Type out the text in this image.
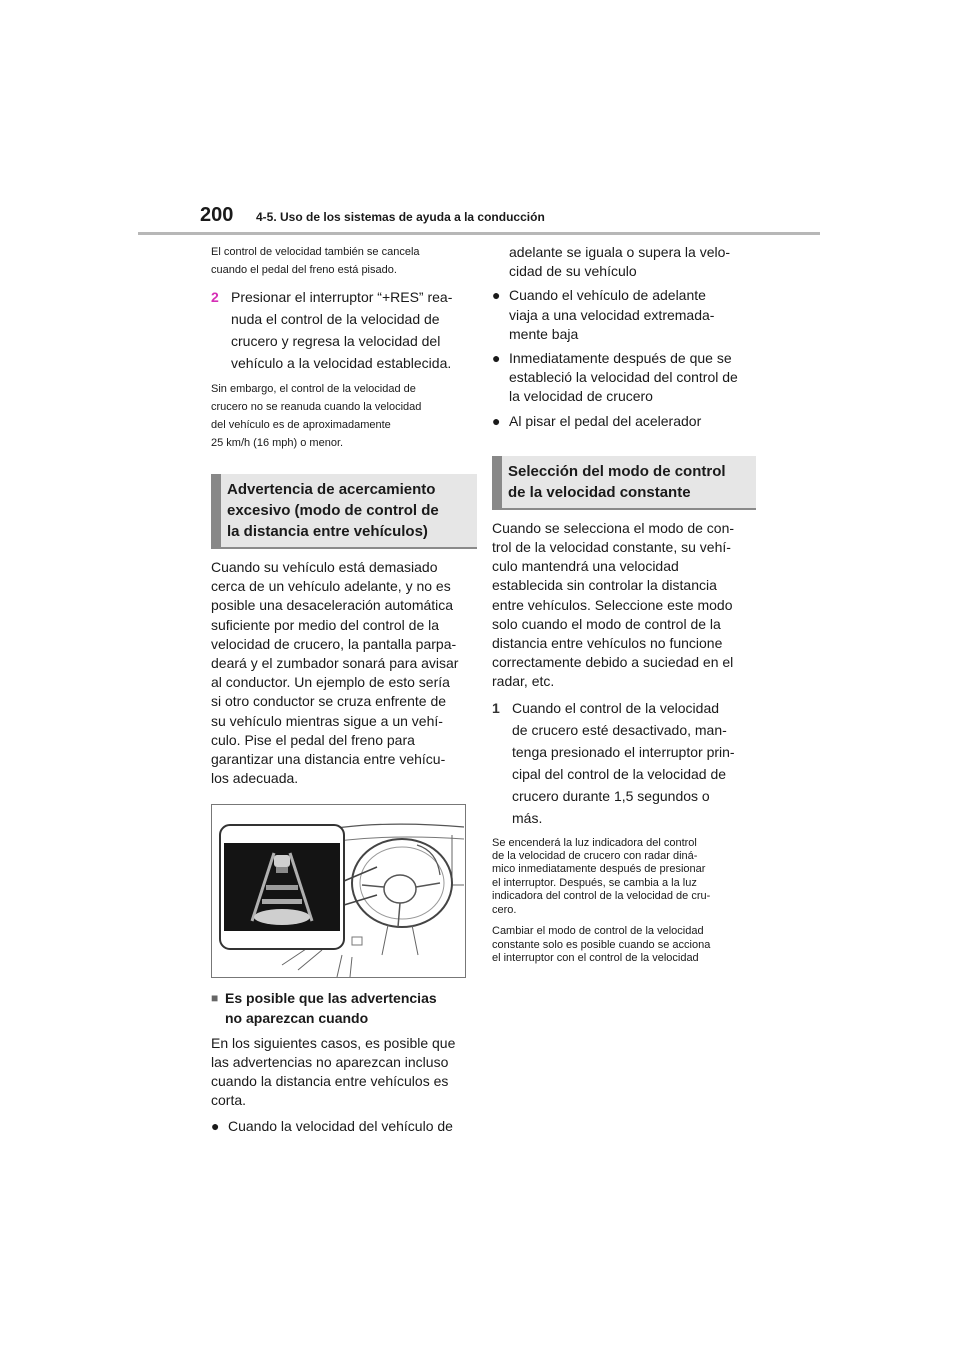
200 4-5. Uso de los sistemas de ayuda a la conducción

El control de velocidad también se cancela

cuando el pedal del freno está pisado.

2 Presionar el interruptor “+RES” rea-
nuda el control de la velocidad de
crucero y regresa la velocidad del
vehículo a la velocidad establecida.

Sin embargo, el control de la velocidad de

crucero no se reanuda cuando la velocidad

del vehículo es de aproximadamente

25 km/h (16 mph) o menor.

Advertencia de acercamiento
excesivo (modo de control de
la distancia entre vehículos)

Cuando su vehículo está demasiado

cerca de un vehículo adelante, y no es

posible una desaceleración automática

suficiente por medio del control de la

velocidad de crucero, la pantalla parpa-

deará y el zumbador sonará para avisar

al conductor. Un ejemplo de esto sería

si otro conductor se cruza enfrente de

su vehículo mientras sigue a un vehí-

culo. Pise el pedal del freno para

garantizar una distancia entre vehícu-

los adecuada.

■ Es posible que las advertencias
no aparezcan cuando

En los siguientes casos, es posible que

las advertencias no aparezcan incluso

cuando la distancia entre vehículos es

corta.

● Cuando la velocidad del vehículo de

adelante se iguala o supera la velo-

cidad de su vehículo

● Cuando el vehículo de adelante
viaja a una velocidad extremada-
mente baja
● Inmediatamente después de que se
estableció la velocidad del control de
la velocidad de crucero
● Al pisar el pedal del acelerador
Selección del modo de control
de la velocidad constante

Cuando se selecciona el modo de con-

trol de la velocidad constante, su vehí-

culo mantendrá una velocidad

establecida sin controlar la distancia

entre vehículos. Seleccione este modo

solo cuando el modo de control de la

distancia entre vehículos no funcione

correctamente debido a suciedad en el

radar, etc.

1 Cuando el control de la velocidad
de crucero esté desactivado, man-
tenga presionado el interruptor prin-
cipal del control de la velocidad de
crucero durante 1,5 segundos o
más.

Se encenderá la luz indicadora del control

de la velocidad de crucero con radar diná-

mico inmediatamente después de presionar

el interruptor. Después, se cambia a la luz

indicadora del control de la velocidad de cru-

cero.

Cambiar el modo de control de la velocidad

constante solo es posible cuando se acciona

el interruptor con el control de la velocidad
